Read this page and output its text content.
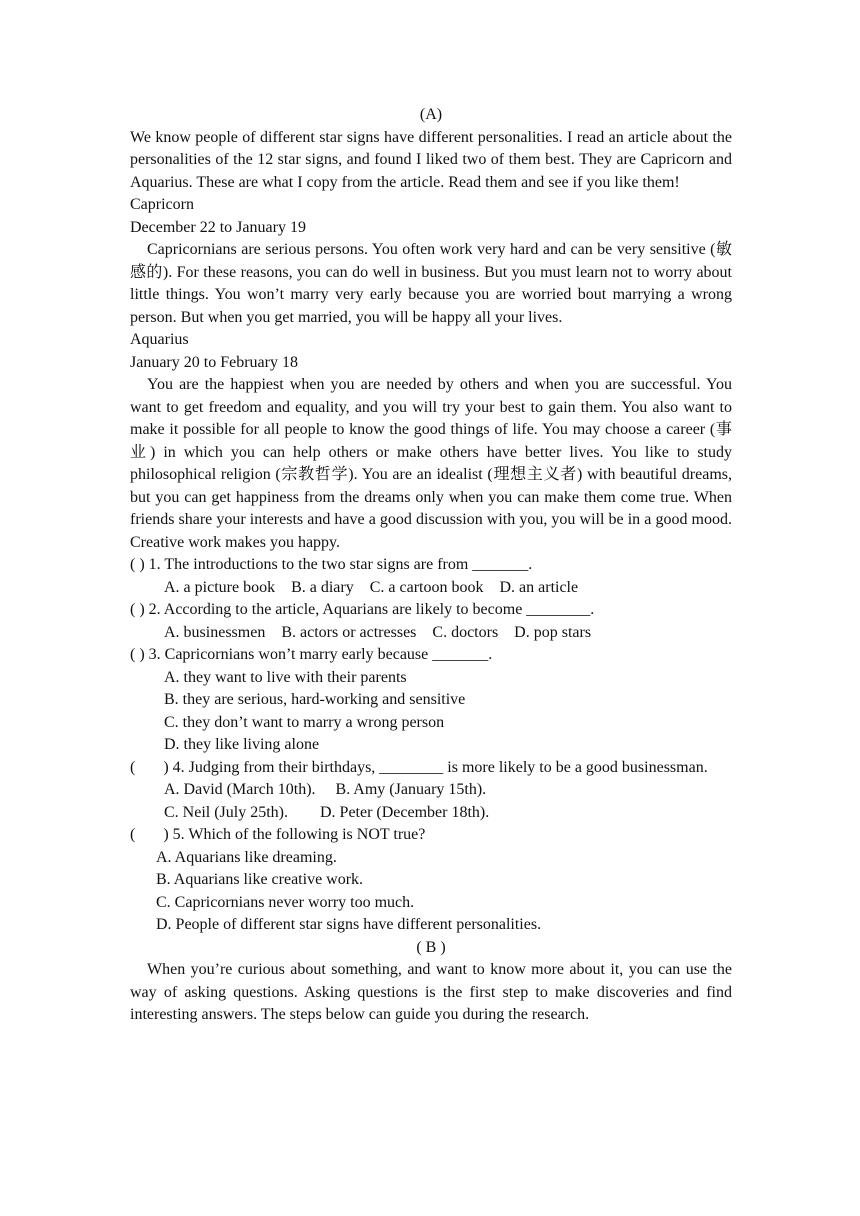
(A)

We know people of different star signs have different personalities. I read an article about the personalities of the 12 star signs, and found I liked two of them best. They are Capricorn and Aquarius. These are what I copy from the article. Read them and see if you like them!

Capricorn
December 22 to January 19

Capricornians are serious persons. You often work very hard and can be very sensitive (敏感的). For these reasons, you can do well in business. But you must learn not to worry about little things. You won’t marry very early because you are worried bout marrying a wrong person. But when you get married, you will be happy all your lives.

Aquarius
January 20 to February 18

You are the happiest when you are needed by others and when you are successful. You want to get freedom and equality, and you will try your best to gain them. You also want to make it possible for all people to know the good things of life. You may choose a career (事业) in which you can help others or make others have better lives. You like to study philosophical religion (宗教哲学). You are an idealist (理想主义者) with beautiful dreams, but you can get happiness from the dreams only when you can make them come true. When friends share your interests and have a good discussion with you, you will be in a good mood. Creative work makes you happy.

( ) 1. The introductions to the two star signs are from _______.
A. a picture book    B. a diary    C. a cartoon book    D. an article
( ) 2. According to the article, Aquarians are likely to become ________.
A. businessmen    B. actors or actresses    C. doctors    D. pop stars
( ) 3. Capricornians won’t marry early because _______.
A. they want to live with their parents
B. they are serious, hard-working and sensitive
C. they don’t want to marry a wrong person
D. they like living alone
(       ) 4. Judging from their birthdays, ________ is more likely to be a good businessman.
A. David (March 10th).     B. Amy (January 15th).
C. Neil (July 25th).        D. Peter (December 18th).
(       ) 5. Which of the following is NOT true?
A. Aquarians like dreaming.
B. Aquarians like creative work.
C. Capricornians never worry too much.
D. People of different star signs have different personalities.
( B )

When you’re curious about something, and want to know more about it, you can use the way of asking questions. Asking questions is the first step to make discoveries and find interesting answers. The steps below can guide you during the research.
